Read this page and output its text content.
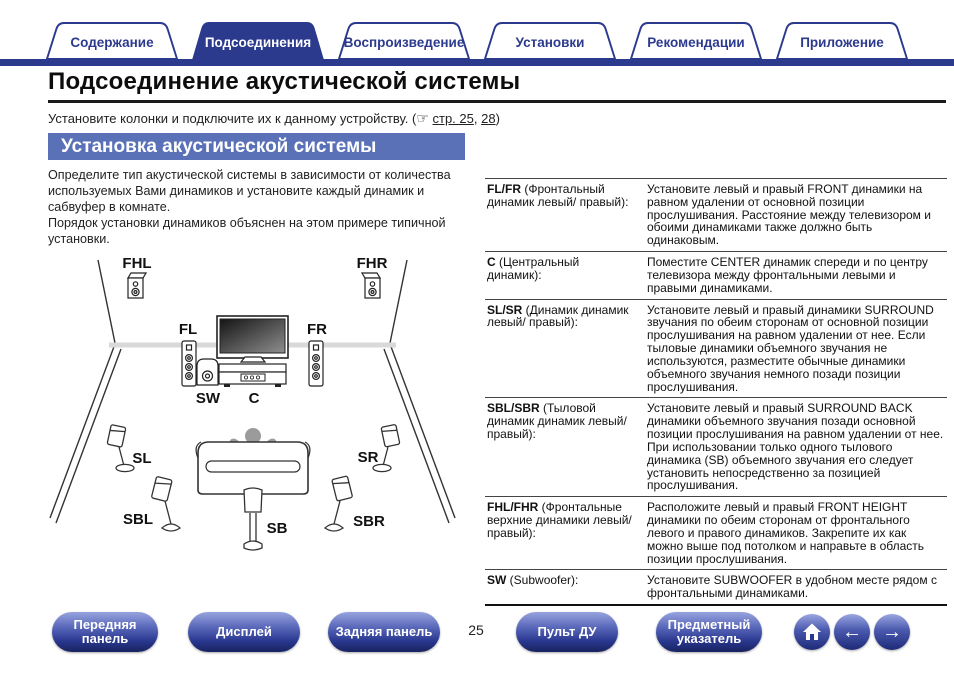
Содержание	Подсоединения	Воспроизведение	Установки	Рекомендации	Приложение
Подсоединение акустической системы
Установите колонки и подключите их к данному устройству. (☞ стр. 25, 28)
Установка акустической системы

Определите тип акустической системы в зависимости от количества используемых Вами динамиков и установите каждый динамик и сабвуфер в комнате.

Порядок установки динамиков объяснен на этом примере типичной установки.

FHL	FHR
FL	FR
SW C
SL	SR
SBL
SB	SBR
FL/FR (Фронтальный динамик левый/ правый):	Установите левый и правый FRONT динамики на равном удалении от основной позиции прослушивания. Расстояние между телевизором и обоими динамиками также должно быть одинаковым.
C (Центральный динамик):	Поместите CENTER динамик спереди и по центру телевизора между фронтальными левыми и правыми динамиками.
SL/SR (Динамик динамик левый/ правый):	Установите левый и правый динамики SURROUND звучания по обеим сторонам от основной позиции прослушивания на равном удалении от нее. Если тыловые динамики объемного звучания не используются, разместите обычные динамики объемного звучания немного позади позиции прослушивания.
SBL/SBR (Тыловой динамик динамик левый/ правый):	Установите левый и правый SURROUND BACK динамики объемного звучания позади основной позиции прослушивания на равном удалении от нее. При использовании только одного тылового динамика (SB) объемного звучания его следует установить непосредственно за позицией прослушивания.
FHL/FHR (Фронтальные верхние динамики левый/правый):	Расположите левый и правый FRONT HEIGHT динамики по обеим сторонам от фронтального левого и правого динамиков. Закрепите их как можно выше под потолком и направьте в область позиции прослушивания.
SW (Subwoofer):	Установите SUBWOOFER в удобном месте рядом с фронтальными динамиками.
Передняя панель	Дисплей	Задняя панель	25	Пульт ДУ	Предметный указатель	← →
